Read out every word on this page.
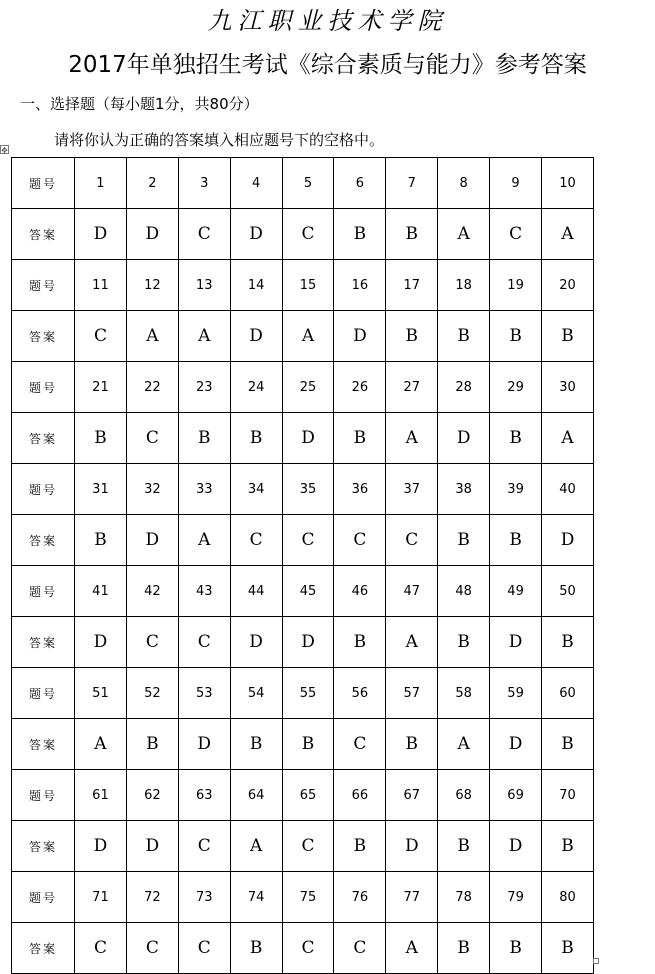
九江职业技术学院
2017年单独招生考试《综合素质与能力》参考答案
一、选择题（每小题1分，共80分）
请将你认为正确的答案填入相应题号下的空格中。
✥
题号	1	2	3	4	5	6	7	8	9	10
答案	D	D	C	D	C	B	B	A	C	A
题号	11	12	13	14	15	16	17	18	19	20
答案	C	A	A	D	A	D	B	B	B	B
题号	21	22	23	24	25	26	27	28	29	30
答案	B	C	B	B	D	B	A	D	B	A
题号	31	32	33	34	35	36	37	38	39	40
答案	B	D	A	C	C	C	C	B	B	D
题号	41	42	43	44	45	46	47	48	49	50
答案	D	C	C	D	D	B	A	B	D	B
题号	51	52	53	54	55	56	57	58	59	60
答案	A	B	D	B	B	C	B	A	D	B
题号	61	62	63	64	65	66	67	68	69	70
答案	D	D	C	A	C	B	D	B	D	B
题号	71	72	73	74	75	76	77	78	79	80
答案	C	C	C	B	C	C	A	B	B	B
